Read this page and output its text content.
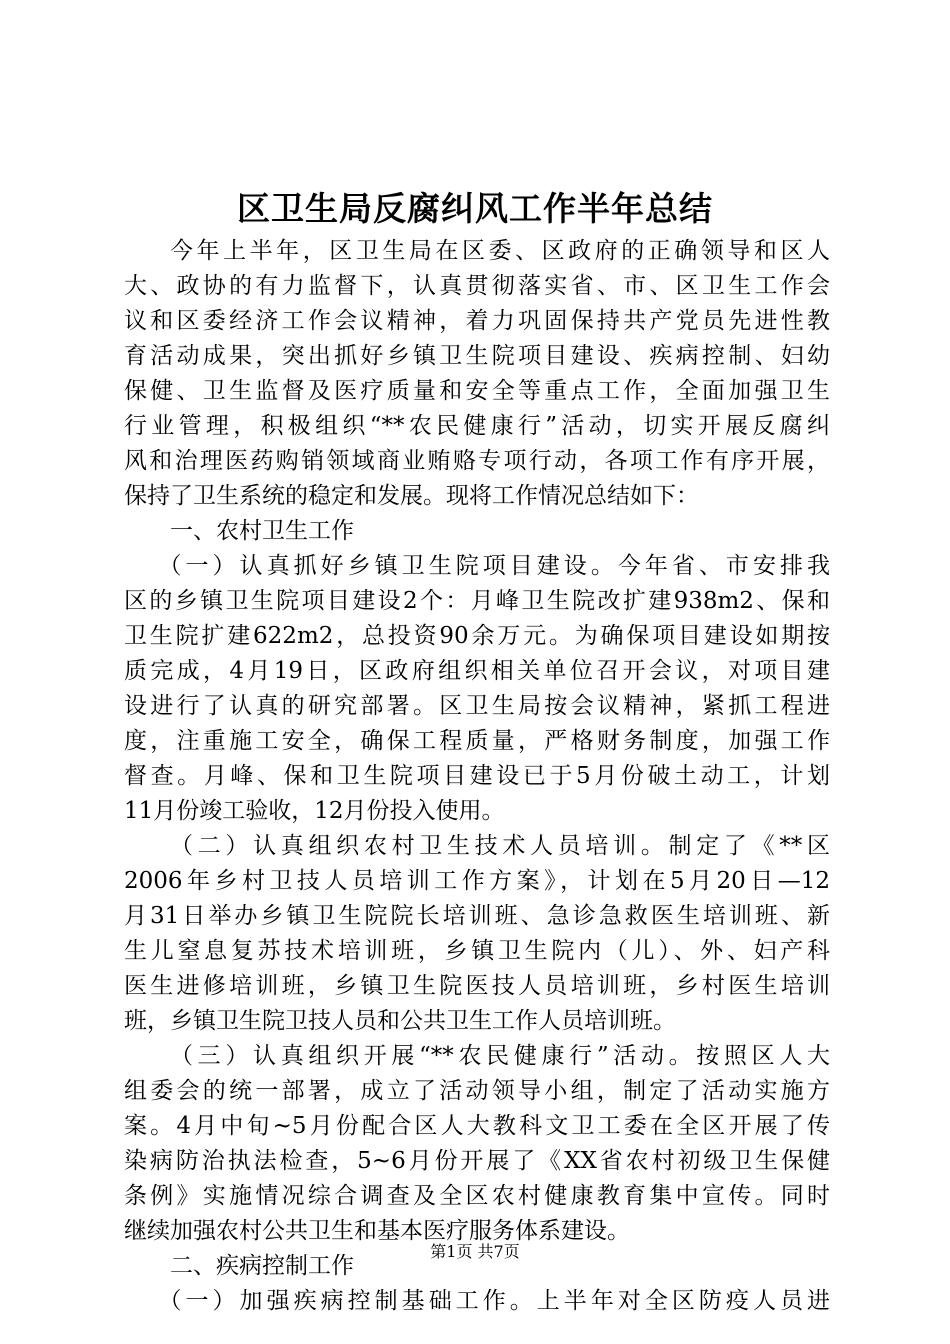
区卫生局反腐纠风工作半年总结
今年上半年，区卫生局在区委、区政府的正确领导和区人
大、政协的有力监督下，认真贯彻落实省、市、区卫生工作会
议和区委经济工作会议精神，着力巩固保持共产党员先进性教
育活动成果，突出抓好乡镇卫生院项目建设、疾病控制、妇幼
保健、卫生监督及医疗质量和安全等重点工作，全面加强卫生
行业管理，积极组织“**农民健康行”活动，切实开展反腐纠
风和治理医药购销领域商业贿赂专项行动，各项工作有序开展，
保持了卫生系统的稳定和发展。现将工作情况总结如下：
一、农村卫生工作
（一）认真抓好乡镇卫生院项目建设。今年省、市安排我
区的乡镇卫生院项目建设2个：月峰卫生院改扩建938m2、保和
卫生院扩建622m2，总投资90余万元。为确保项目建设如期按
质完成，4月19日，区政府组织相关单位召开会议，对项目建
设进行了认真的研究部署。区卫生局按会议精神，紧抓工程进
度，注重施工安全，确保工程质量，严格财务制度，加强工作
督查。月峰、保和卫生院项目建设已于5月份破土动工，计划
11月份竣工验收，12月份投入使用。
（二）认真组织农村卫生技术人员培训。制定了《**区
2006年乡村卫技人员培训工作方案》，计划在5月20日—12
月31日举办乡镇卫生院院长培训班、急诊急救医生培训班、新
生儿窒息复苏技术培训班，乡镇卫生院内（儿）、外、妇产科
医生进修培训班，乡镇卫生院医技人员培训班，乡村医生培训
班，乡镇卫生院卫技人员和公共卫生工作人员培训班。
（三）认真组织开展“**农民健康行”活动。按照区人大
组委会的统一部署，成立了活动领导小组，制定了活动实施方
案。4月中旬~5月份配合区人大教科文卫工委在全区开展了传
染病防治执法检查，5~6月份开展了《XX省农村初级卫生保健
条例》实施情况综合调查及全区农村健康教育集中宣传。同时
继续加强农村公共卫生和基本医疗服务体系建设。
二、疾病控制工作
（一）加强疾病控制基础工作。上半年对全区防疫人员进
第1页 共7页
